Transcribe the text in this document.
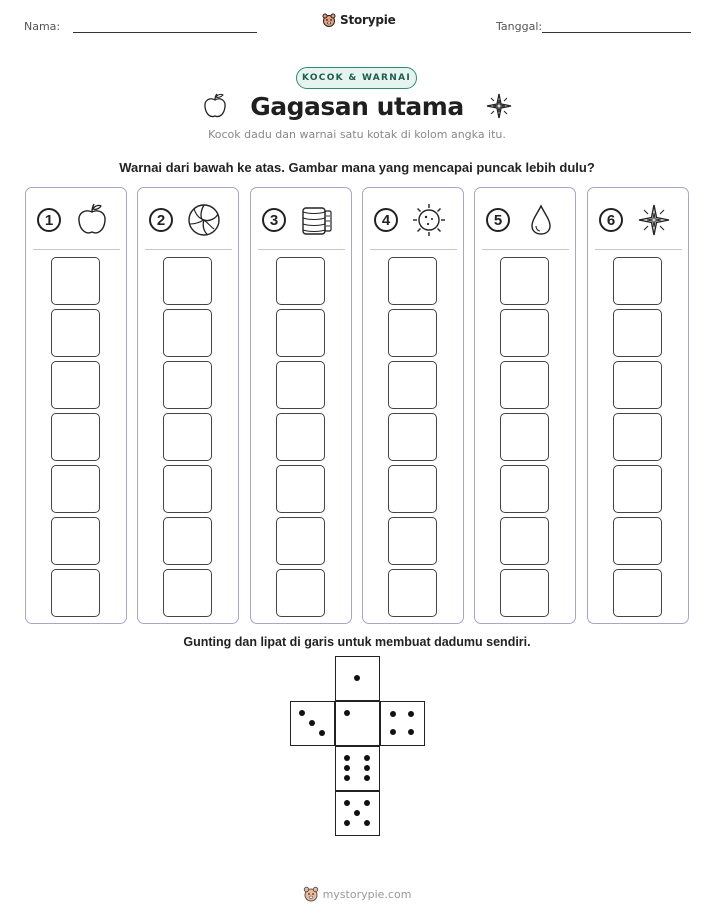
Nama:	Storypie	Tanggal:
KOCOK & WARNAI
Gagasan utama
Kocok dadu dan warnai satu kotak di kolom angka itu.
Warnai dari bawah ke atas. Gambar mana yang mencapai puncak lebih dulu?
1	2	3	4	5	6
Gunting dan lipat di garis untuk membuat dadumu sendiri.
mystorypie.com
